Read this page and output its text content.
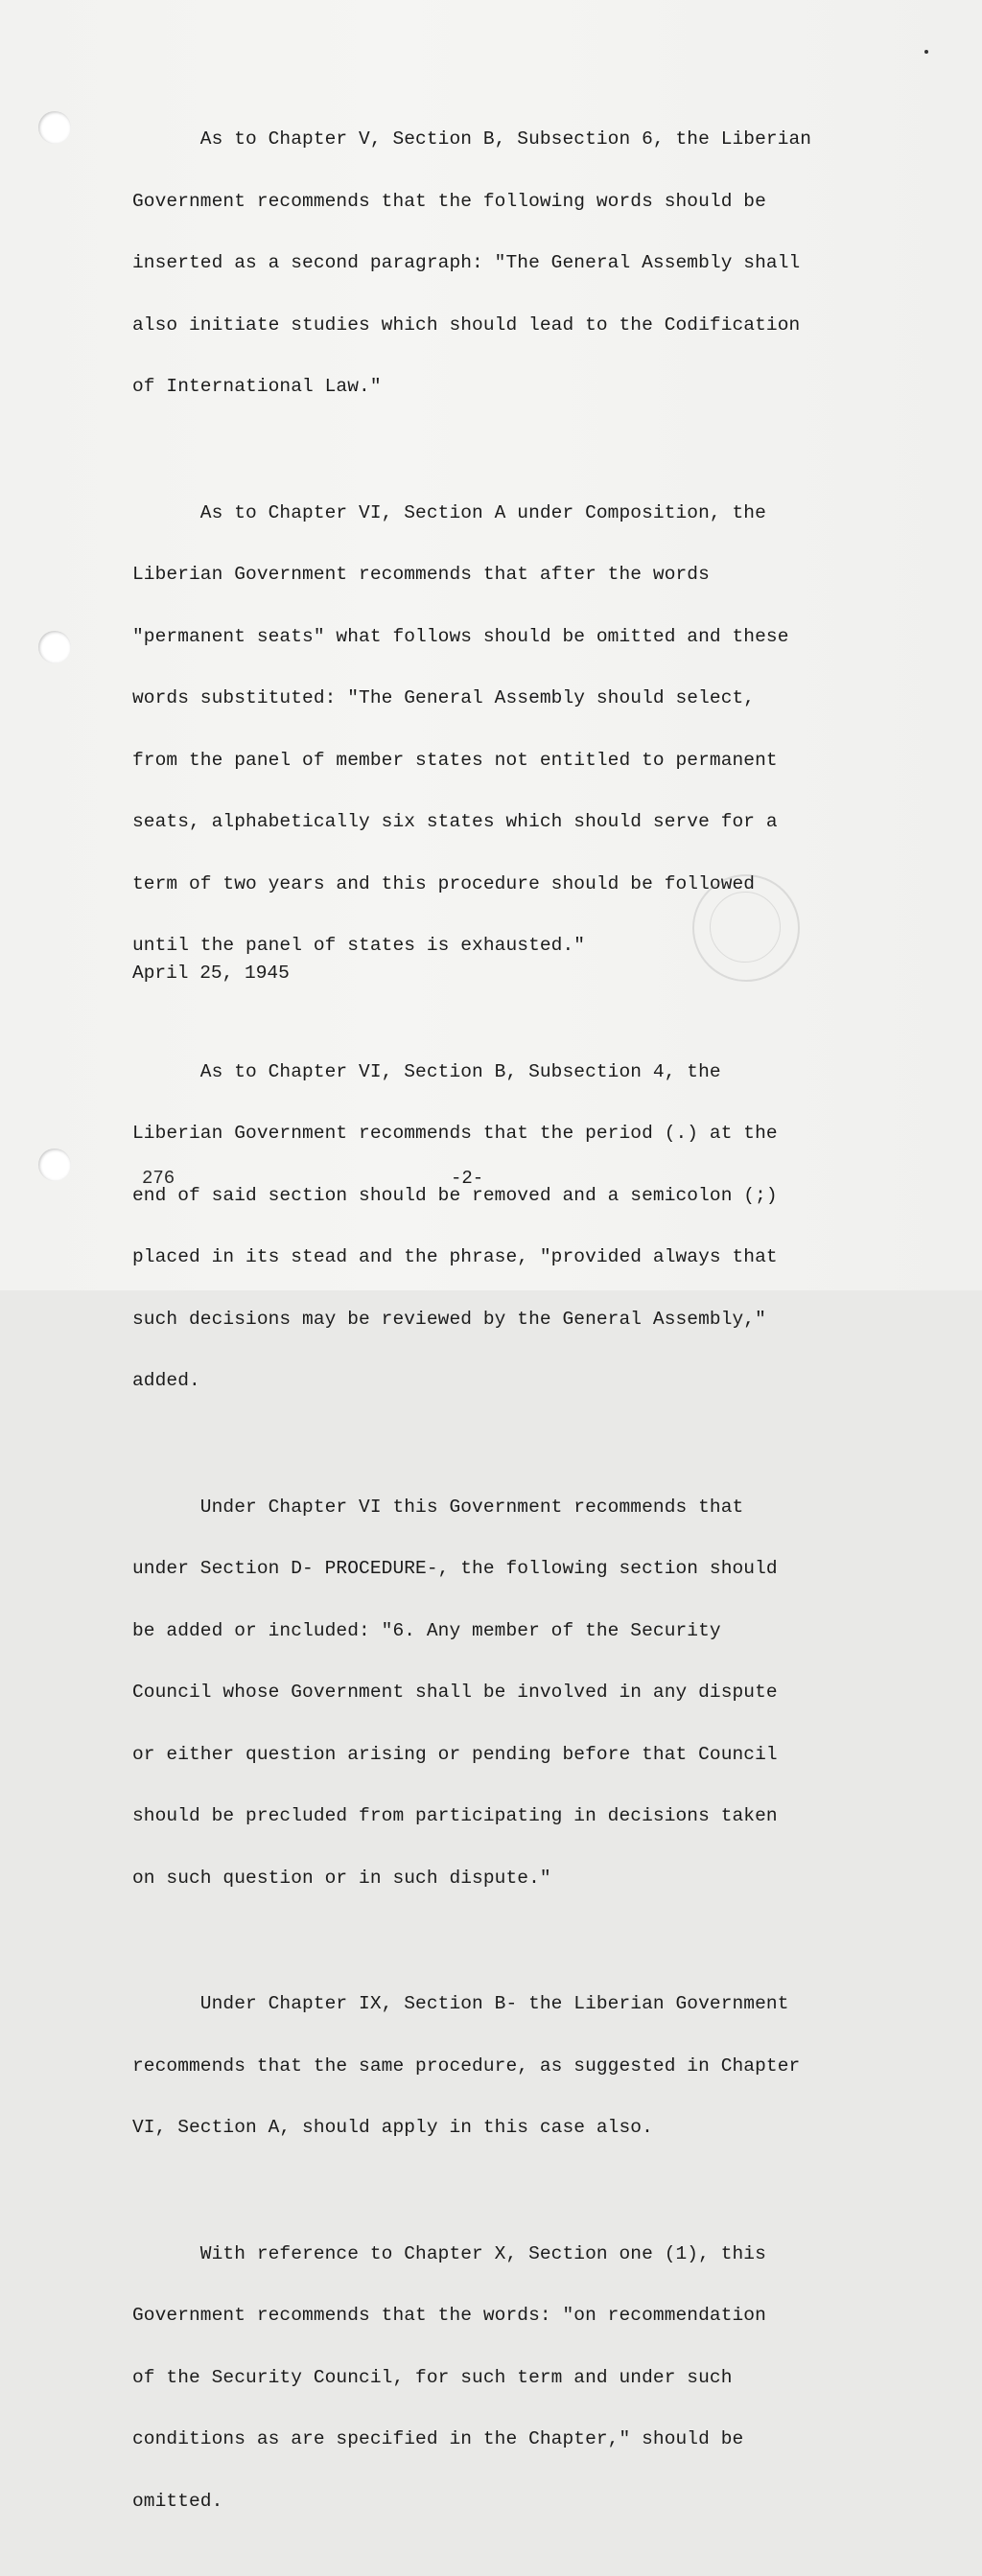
As to Chapter V, Section B, Subsection 6, the Liberian

Government recommends that the following words should be

inserted as a second paragraph: "The General Assembly shall

also initiate studies which should lead to the Codification

of International Law."

As to Chapter VI, Section A under Composition, the

Liberian Government recommends that after the words

"permanent seats" what follows should be omitted and these

words substituted: "The General Assembly should select,

from the panel of member states not entitled to permanent

seats, alphabetically six states which should serve for a

term of two years and this procedure should be followed

until the panel of states is exhausted."

As to Chapter VI, Section B, Subsection 4, the

Liberian Government recommends that the period (.) at the

end of said section should be removed and a semicolon (;)

placed in its stead and the phrase, "provided always that

such decisions may be reviewed by the General Assembly,"

added.

Under Chapter VI this Government recommends that

under Section D- PROCEDURE-, the following section should

be added or included: "6. Any member of the Security

Council whose Government shall be involved in any dispute

or either question arising or pending before that Council

should be precluded from participating in decisions taken

on such question or in such dispute."

Under Chapter IX, Section B- the Liberian Government

recommends that the same procedure, as suggested in Chapter

VI, Section A, should apply in this case also.

With reference to Chapter X, Section one (1), this

Government recommends that the words: "on recommendation

of the Security Council, for such term and under such

conditions as are specified in the Chapter," should be

omitted.

April 25, 1945
276	-2-
